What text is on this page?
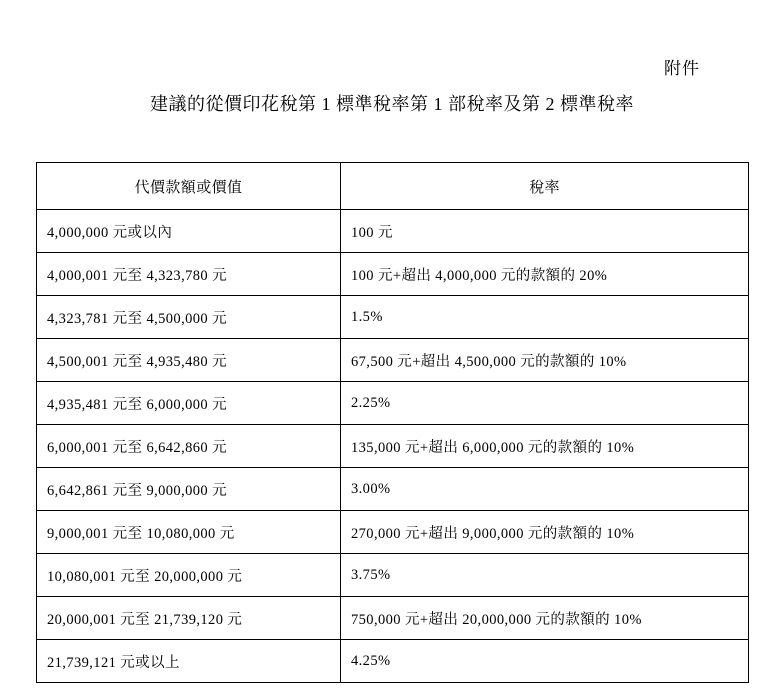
附件
建議的從價印花稅第 1 標準稅率第 1 部稅率及第 2 標準稅率
代價款額或價值	稅率
4,000,000 元或以內	100 元
4,000,001 元至 4,323,780 元	100 元+超出 4,000,000 元的款額的 20%
4,323,781 元至 4,500,000 元	1.5%
4,500,001 元至 4,935,480 元	67,500 元+超出 4,500,000 元的款額的 10%
4,935,481 元至 6,000,000 元	2.25%
6,000,001 元至 6,642,860 元	135,000 元+超出 6,000,000 元的款額的 10%
6,642,861 元至 9,000,000 元	3.00%
9,000,001 元至 10,080,000 元	270,000 元+超出 9,000,000 元的款額的 10%
10,080,001 元至 20,000,000 元	3.75%
20,000,001 元至 21,739,120 元	750,000 元+超出 20,000,000 元的款額的 10%
21,739,121 元或以上	4.25%
